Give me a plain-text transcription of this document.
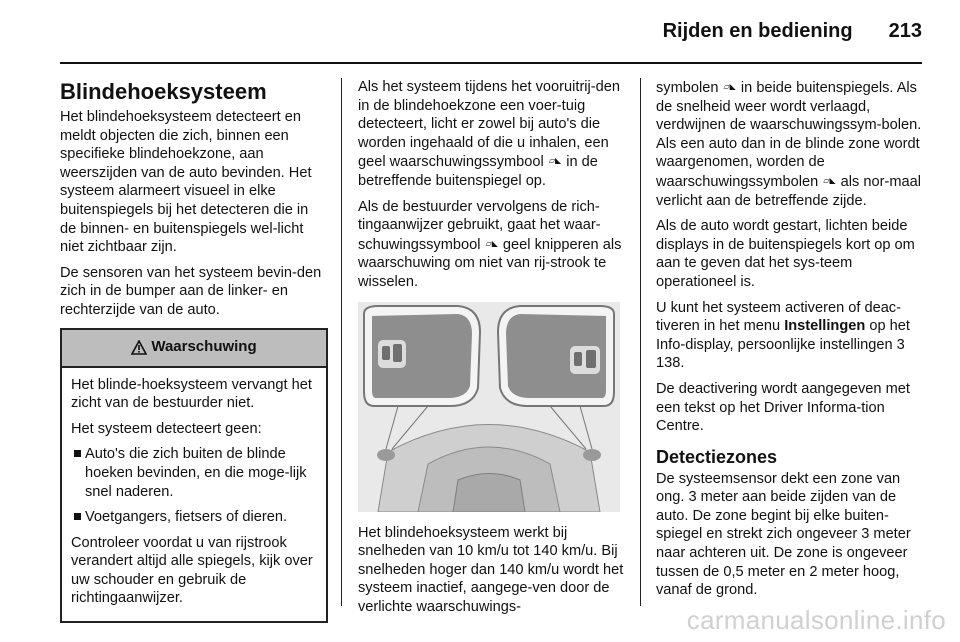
Rijden en bediening 213
Blindehoeksysteem

Het blindehoeksysteem detecteert en meldt objecten die zich, binnen een specifieke blindehoekzone, aan weerszijden van de auto bevinden. Het systeem alarmeert visueel in elke buitenspiegels bij het detecteren die in de binnen- en buitenspiegels wel-licht niet zichtbaar zijn.

De sensoren van het systeem bevin-den zich in de bumper aan de linker- en rechterzijde van de auto.

Waarschuwing

Het blinde-hoeksysteem vervangt het zicht van de bestuurder niet.

Het systeem detecteert geen:

Auto's die zich buiten de blinde hoeken bevinden, en die moge-lijk snel naderen.
Voetgangers, fietsers of dieren.

Controleer voordat u van rijstrook verandert altijd alle spiegels, kijk over uw schouder en gebruik de richtingaanwijzer.

Als het systeem tijdens het vooruitrij-den in de blindehoekzone een voer-tuig detecteert, licht er zowel bij auto's die worden ingehaald of die u inhalen, een geel waarschuwingssymbool ▱◣ in de betreffende buitenspiegel op.

Als de bestuurder vervolgens de rich-tingaanwijzer gebruikt, gaat het waar-schuwingssymbool ▱◣ geel knipperen als waarschuwing om niet van rij-strook te wisselen.

Het blindehoeksysteem werkt bij snelheden van 10 km/u tot 140 km/u. Bij snelheden hoger dan 140 km/u wordt het systeem inactief, aangege-ven door de verlichte waarschuwings-

symbolen ▱◣ in beide buitenspiegels. Als de snelheid weer wordt verlaagd, verdwijnen de waarschuwingssym-bolen. Als een auto dan in de blinde zone wordt waargenomen, worden de waarschuwingssymbolen ▱◣ als nor-maal verlicht aan de betreffende zijde.

Als de auto wordt gestart, lichten beide displays in de buitenspiegels kort op om aan te geven dat het sys-teem operationeel is.

U kunt het systeem activeren of deac-tiveren in het menu Instellingen op het Info-display, persoonlijke instellingen 3 138.

De deactivering wordt aangegeven met een tekst op het Driver Informa-tion Centre.

Detectiezones

De systeemsensor dekt een zone van ong. 3 meter aan beide zijden van de auto. De zone begint bij elke buiten-spiegel en strekt zich ongeveer 3 meter naar achteren uit. De zone is ongeveer tussen de 0,5 meter en 2 meter hoog, vanaf de grond.

carmanualsonline.info
